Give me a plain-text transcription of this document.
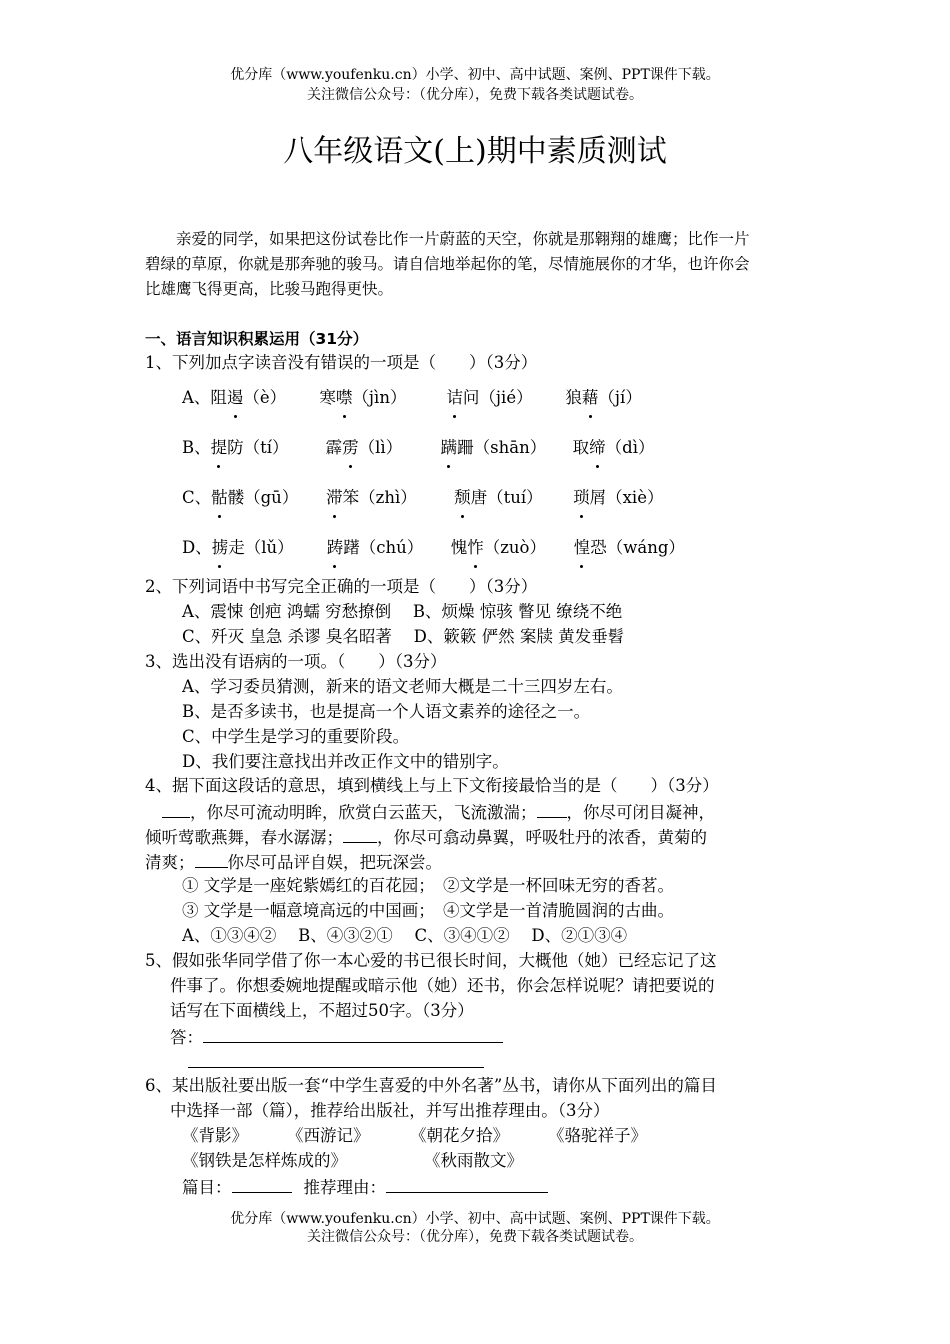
优分库（www.youfenku.cn）小学、初中、高中试题、案例、PPT课件下载。
关注微信公众号：（优分库），免费下载各类试题试卷。
八年级语文(上)期中素质测试
亲爱的同学，如果把这份试卷比作一片蔚蓝的天空，你就是那翱翔的雄鹰；比作一片
碧绿的草原，你就是那奔驰的骏马。请自信地举起你的笔，尽情施展你的才华，也许你会
比雄鹰飞得更高，比骏马跑得更快。
一、语言知识积累运用（31分）
1、下列加点字读音没有错误的一项是（　　）（3分）
A、阻遏（è） 寒噤（jìn） 诘问（jié） 狼藉（jí）
B、提防（tí） 霹雳（lì） 蹒跚（shān） 取缔（dì）
C、骷髅（gū） 滞笨（zhì） 颓唐（tuí） 琐屑（xiè）
D、掳走（lǔ） 踌躇（chú） 愧怍（zuò） 惶恐（wáng）
2、下列词语中书写完全正确的一项是（　　）（3分）
A、震悚 创疤 鸿蠕 穷愁撩倒　 B、烦燥 惊骇 瞥见 缭绕不绝
C、歼灭 皇急 杀谬 臭名昭著　 D、簌簌 俨然 案牍 黄发垂髫
3、选出没有语病的一项。（　　）（3分）
A、学习委员猜测，新来的语文老师大概是二十三四岁左右。
B、是否多读书，也是提高一个人语文素养的途径之一。
C、中学生是学习的重要阶段。
D、我们要注意找出并改正作文中的错别字。
4、据下面这段话的意思，填到横线上与上下文衔接最恰当的是（　　）（3分）
，你尽可流动明眸，欣赏白云蓝天，飞流激湍； ，你尽可闭目凝神，
倾听莺歌燕舞，春水潺潺； ，你尽可翕动鼻翼，呼吸牡丹的浓香，黄菊的
清爽； 你尽可品评自娱，把玩深尝。
① 文学是一座姹紫嫣红的百花园；　②文学是一杯回味无穷的香茗。
③ 文学是一幅意境高远的中国画；　④文学是一首清脆圆润的古曲。
A、①③④②　 B、④③②①　 C、③④①②　 D、②①③④
5、假如张华同学借了你一本心爱的书已很长时间，大概他（她）已经忘记了这
件事了。你想委婉地提醒或暗示他（她）还书，你会怎样说呢？请把要说的
话写在下面横线上，不超过50字。（3分）
答：
6、某出版社要出版一套“中学生喜爱的中外名著”丛书，请你从下面列出的篇目
中选择一部（篇），推荐给出版社，并写出推荐理由。（3分）
《背影》 《西游记》 《朝花夕拾》 《骆驼祥子》
《钢铁是怎样炼成的》	《秋雨散文》
篇目：	推荐理由：
优分库（www.youfenku.cn）小学、初中、高中试题、案例、PPT课件下载。
关注微信公众号：（优分库），免费下载各类试题试卷。
